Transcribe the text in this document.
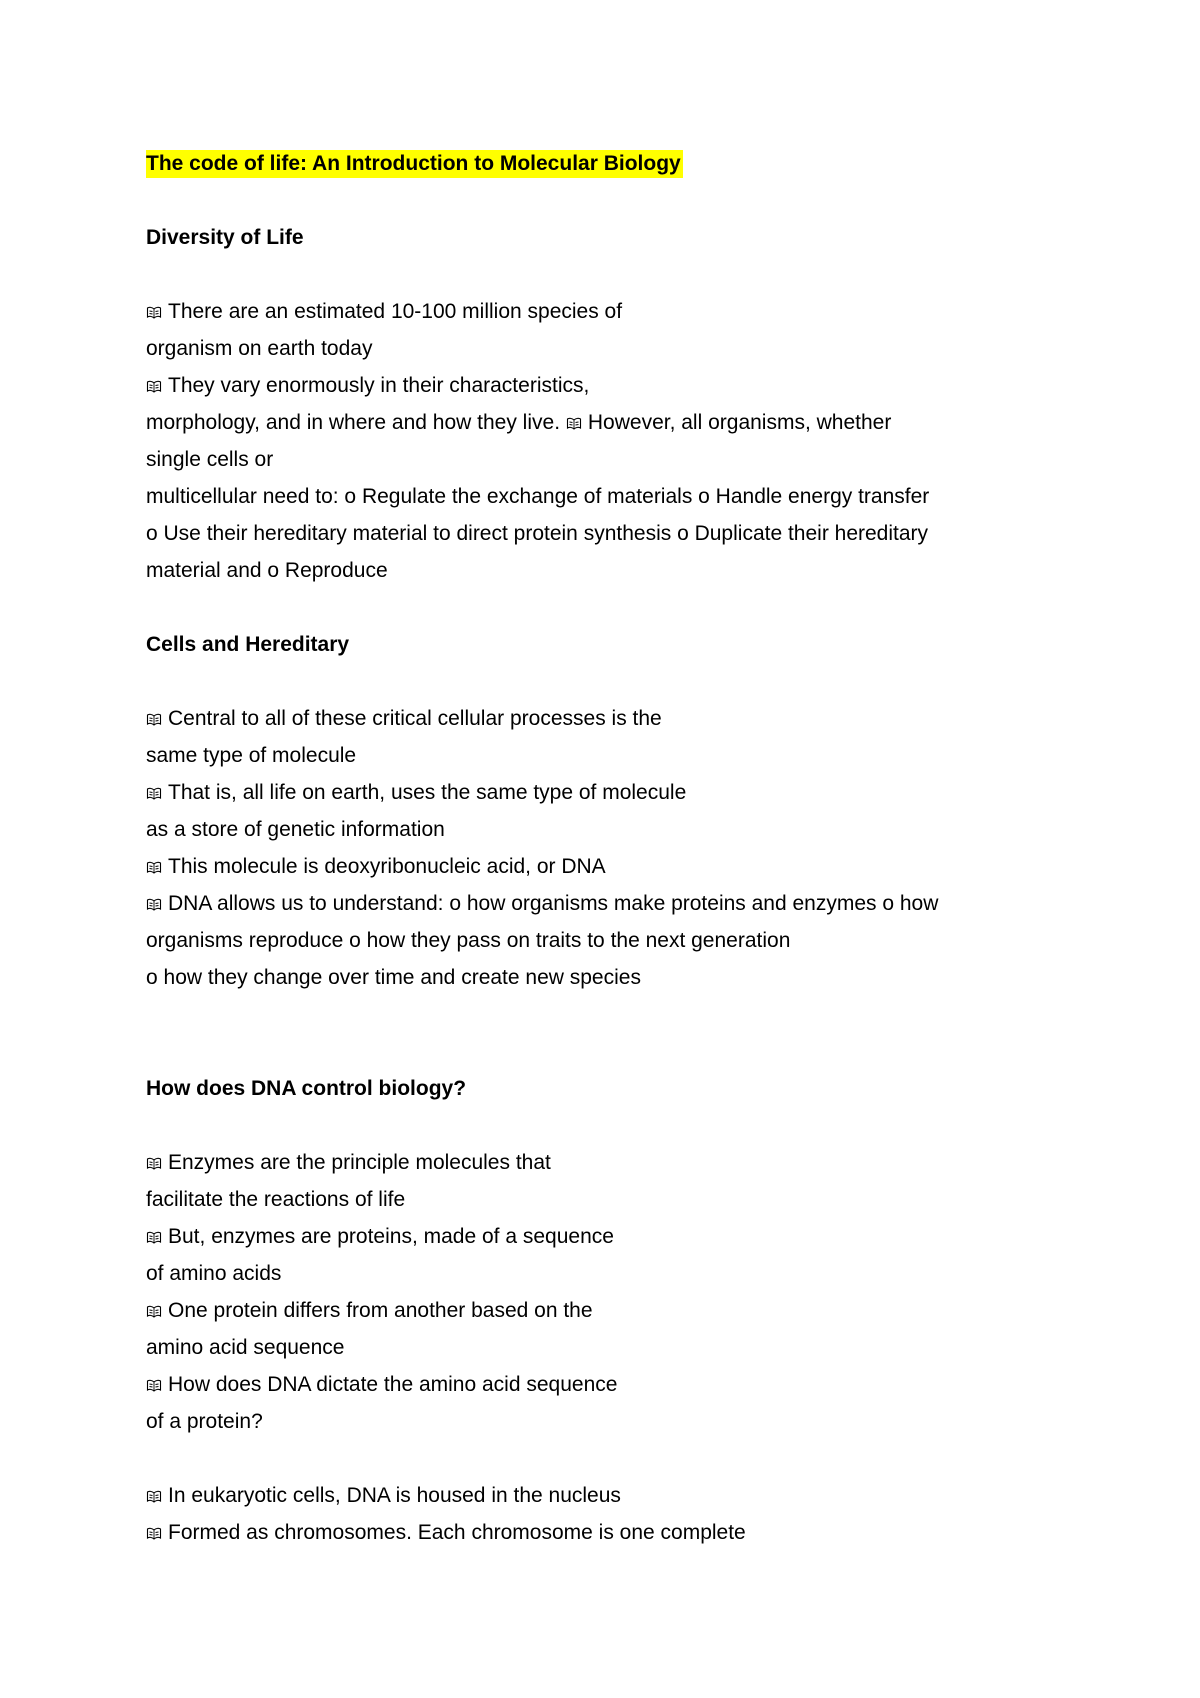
The code of life: An Introduction to Molecular Biology
Diversity of Life
There are an estimated 10-100 million species of
organism on earth today
They vary enormously in their characteristics,
morphology, and in where and how they live. However, all organisms, whether
single cells or
multicellular need to: o Regulate the exchange of materials o Handle energy transfer
o Use their hereditary material to direct protein synthesis o Duplicate their hereditary
material and o Reproduce
Cells and Hereditary
Central to all of these critical cellular processes is the
same type of molecule
That is, all life on earth, uses the same type of molecule
as a store of genetic information
This molecule is deoxyribonucleic acid, or DNA
DNA allows us to understand: o how organisms make proteins and enzymes o how
organisms reproduce o how they pass on traits to the next generation
o how they change over time and create new species
How does DNA control biology?
Enzymes are the principle molecules that
facilitate the reactions of life
But, enzymes are proteins, made of a sequence
of amino acids
One protein differs from another based on the
amino acid sequence
How does DNA dictate the amino acid sequence
of a protein?
In eukaryotic cells, DNA is housed in the nucleus
Formed as chromosomes. Each chromosome is one complete
